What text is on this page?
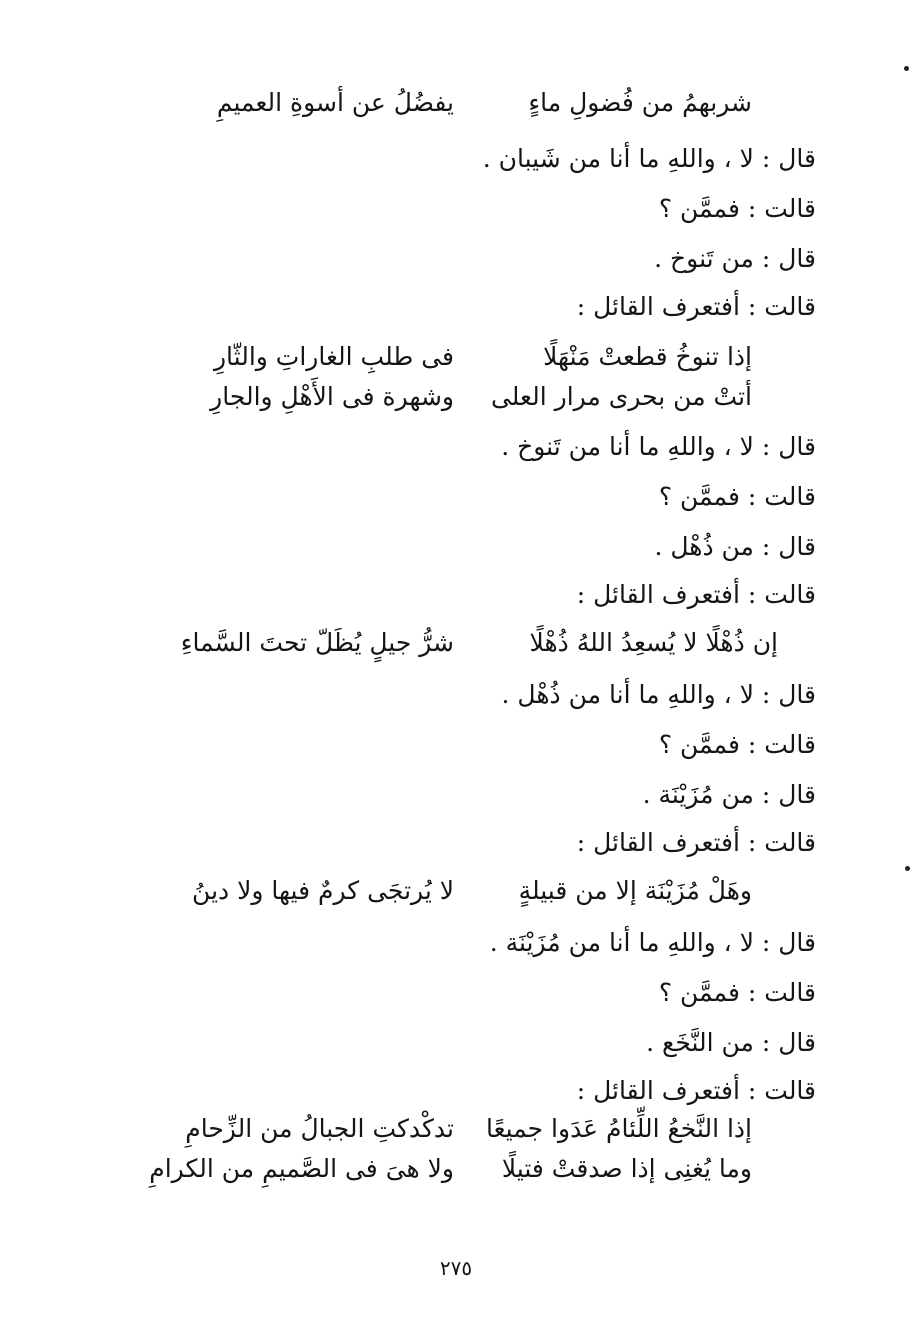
شربهمُ من فُضولِ ماءٍ
يفضُلُ عن أسوةِ العميمِ
قال : لا ، واللهِ ما أنا من شَيبان .
قالت : فممَّن ؟
قال : من تَنوخ .
قالت : أفتعرف القائل :
إذا تنوخُ قطعتْ مَنْهَلًا
فى طلبِ الغاراتِ والثّارِ
أتتْ من بحرى مرار العلى
وشهرة فى الأَهْلِ والجارِ
قال : لا ، واللهِ ما أنا من تَنوخ .
قالت : فممَّن ؟
قال : من ذُهْل .
قالت : أفتعرف القائل :
إن ذُهْلًا لا يُسعِدُ اللهُ ذُهْلًا
شرُّ جيلٍ يُظَلّ تحتَ السَّماءِ
قال : لا ، واللهِ ما أنا من ذُهْل .
قالت : فممَّن ؟
قال : من مُزَيْنَة .
قالت : أفتعرف القائل :
وهَلْ مُزَيْنَة إلا من قبيلةٍ
لا يُرتجَى كرمٌ فيها ولا دينُ
قال : لا ، واللهِ ما أنا من مُزَيْنَة .
قالت : فممَّن ؟
قال : من النَّخَع .
قالت : أفتعرف القائل :
إذا النَّخعُ اللِّئامُ عَدَوا جميعًا
تدكْدكتِ الجبالُ من الزِّحامِ
وما يُغنِى إذا صدقتْ فتيلًا
ولا هىَ فى الصَّميمِ من الكرامِ
٢٧٥
